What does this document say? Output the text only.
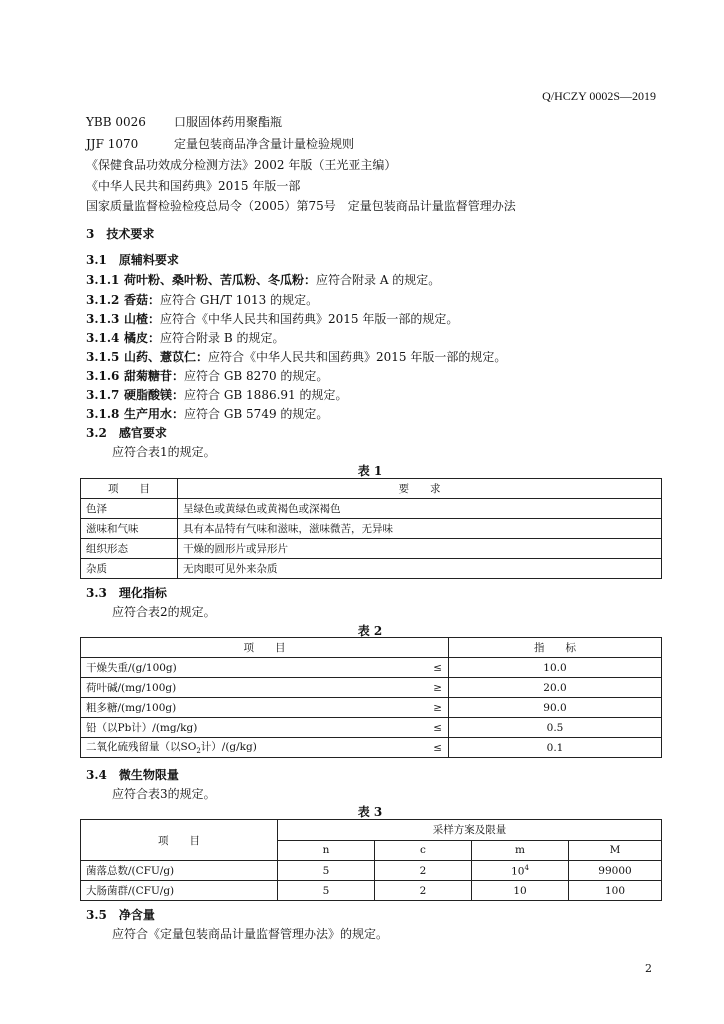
Q/HCZY 0002S—2019
YBB 0026 口服固体药用聚酯瓶
JJF 1070	定量包装商品净含量计量检验规则
《保健食品功效成分检测方法》2002 年版（王光亚主编）
《中华人民共和国药典》2015 年版一部
国家质量监督检验检疫总局令（2005）第75号　定量包装商品计量监督管理办法
3 技术要求
3.1 原辅料要求
3.1.1 荷叶粉、桑叶粉、苦瓜粉、冬瓜粉：应符合附录 A 的规定。
3.1.2 香菇：应符合 GH/T 1013 的规定。
3.1.3 山楂：应符合《中华人民共和国药典》2015 年版一部的规定。
3.1.4 橘皮：应符合附录 B 的规定。
3.1.5 山药、薏苡仁：应符合《中华人民共和国药典》2015 年版一部的规定。
3.1.6 甜菊糖苷：应符合 GB 8270 的规定。
3.1.7 硬脂酸镁：应符合 GB 1886.91 的规定。
3.1.8 生产用水：应符合 GB 5749 的规定。
3.2 感官要求
应符合表1的规定。
表 1
项　　目	要　　求
色泽	呈绿色或黄绿色或黄褐色或深褐色
滋味和气味	具有本品特有气味和滋味，滋味微苦，无异味
组织形态	干燥的圆形片或异形片
杂质	无肉眼可见外来杂质
3.3 理化指标
应符合表2的规定。
表 2
项　　目		指　　标
干燥失重/(g/100g)	≤	10.0
荷叶碱/(mg/100g)	≥	20.0
粗多糖/(mg/100g)	≥	90.0
铅（以Pb计）/(mg/kg)	≤	0.5
二氧化硫残留量（以$SO_2$计）/(g/kg)	≤	0.1
3.4 微生物限量
应符合表3的规定。
表 3
项　　目	采样方案及限量			
	n	c	m	M
菌落总数/(CFU/g)	5	2	$10^4$	99000
大肠菌群/(CFU/g)	5	2	10	100
3.5 净含量
应符合《定量包装商品计量监督管理办法》的规定。
2
